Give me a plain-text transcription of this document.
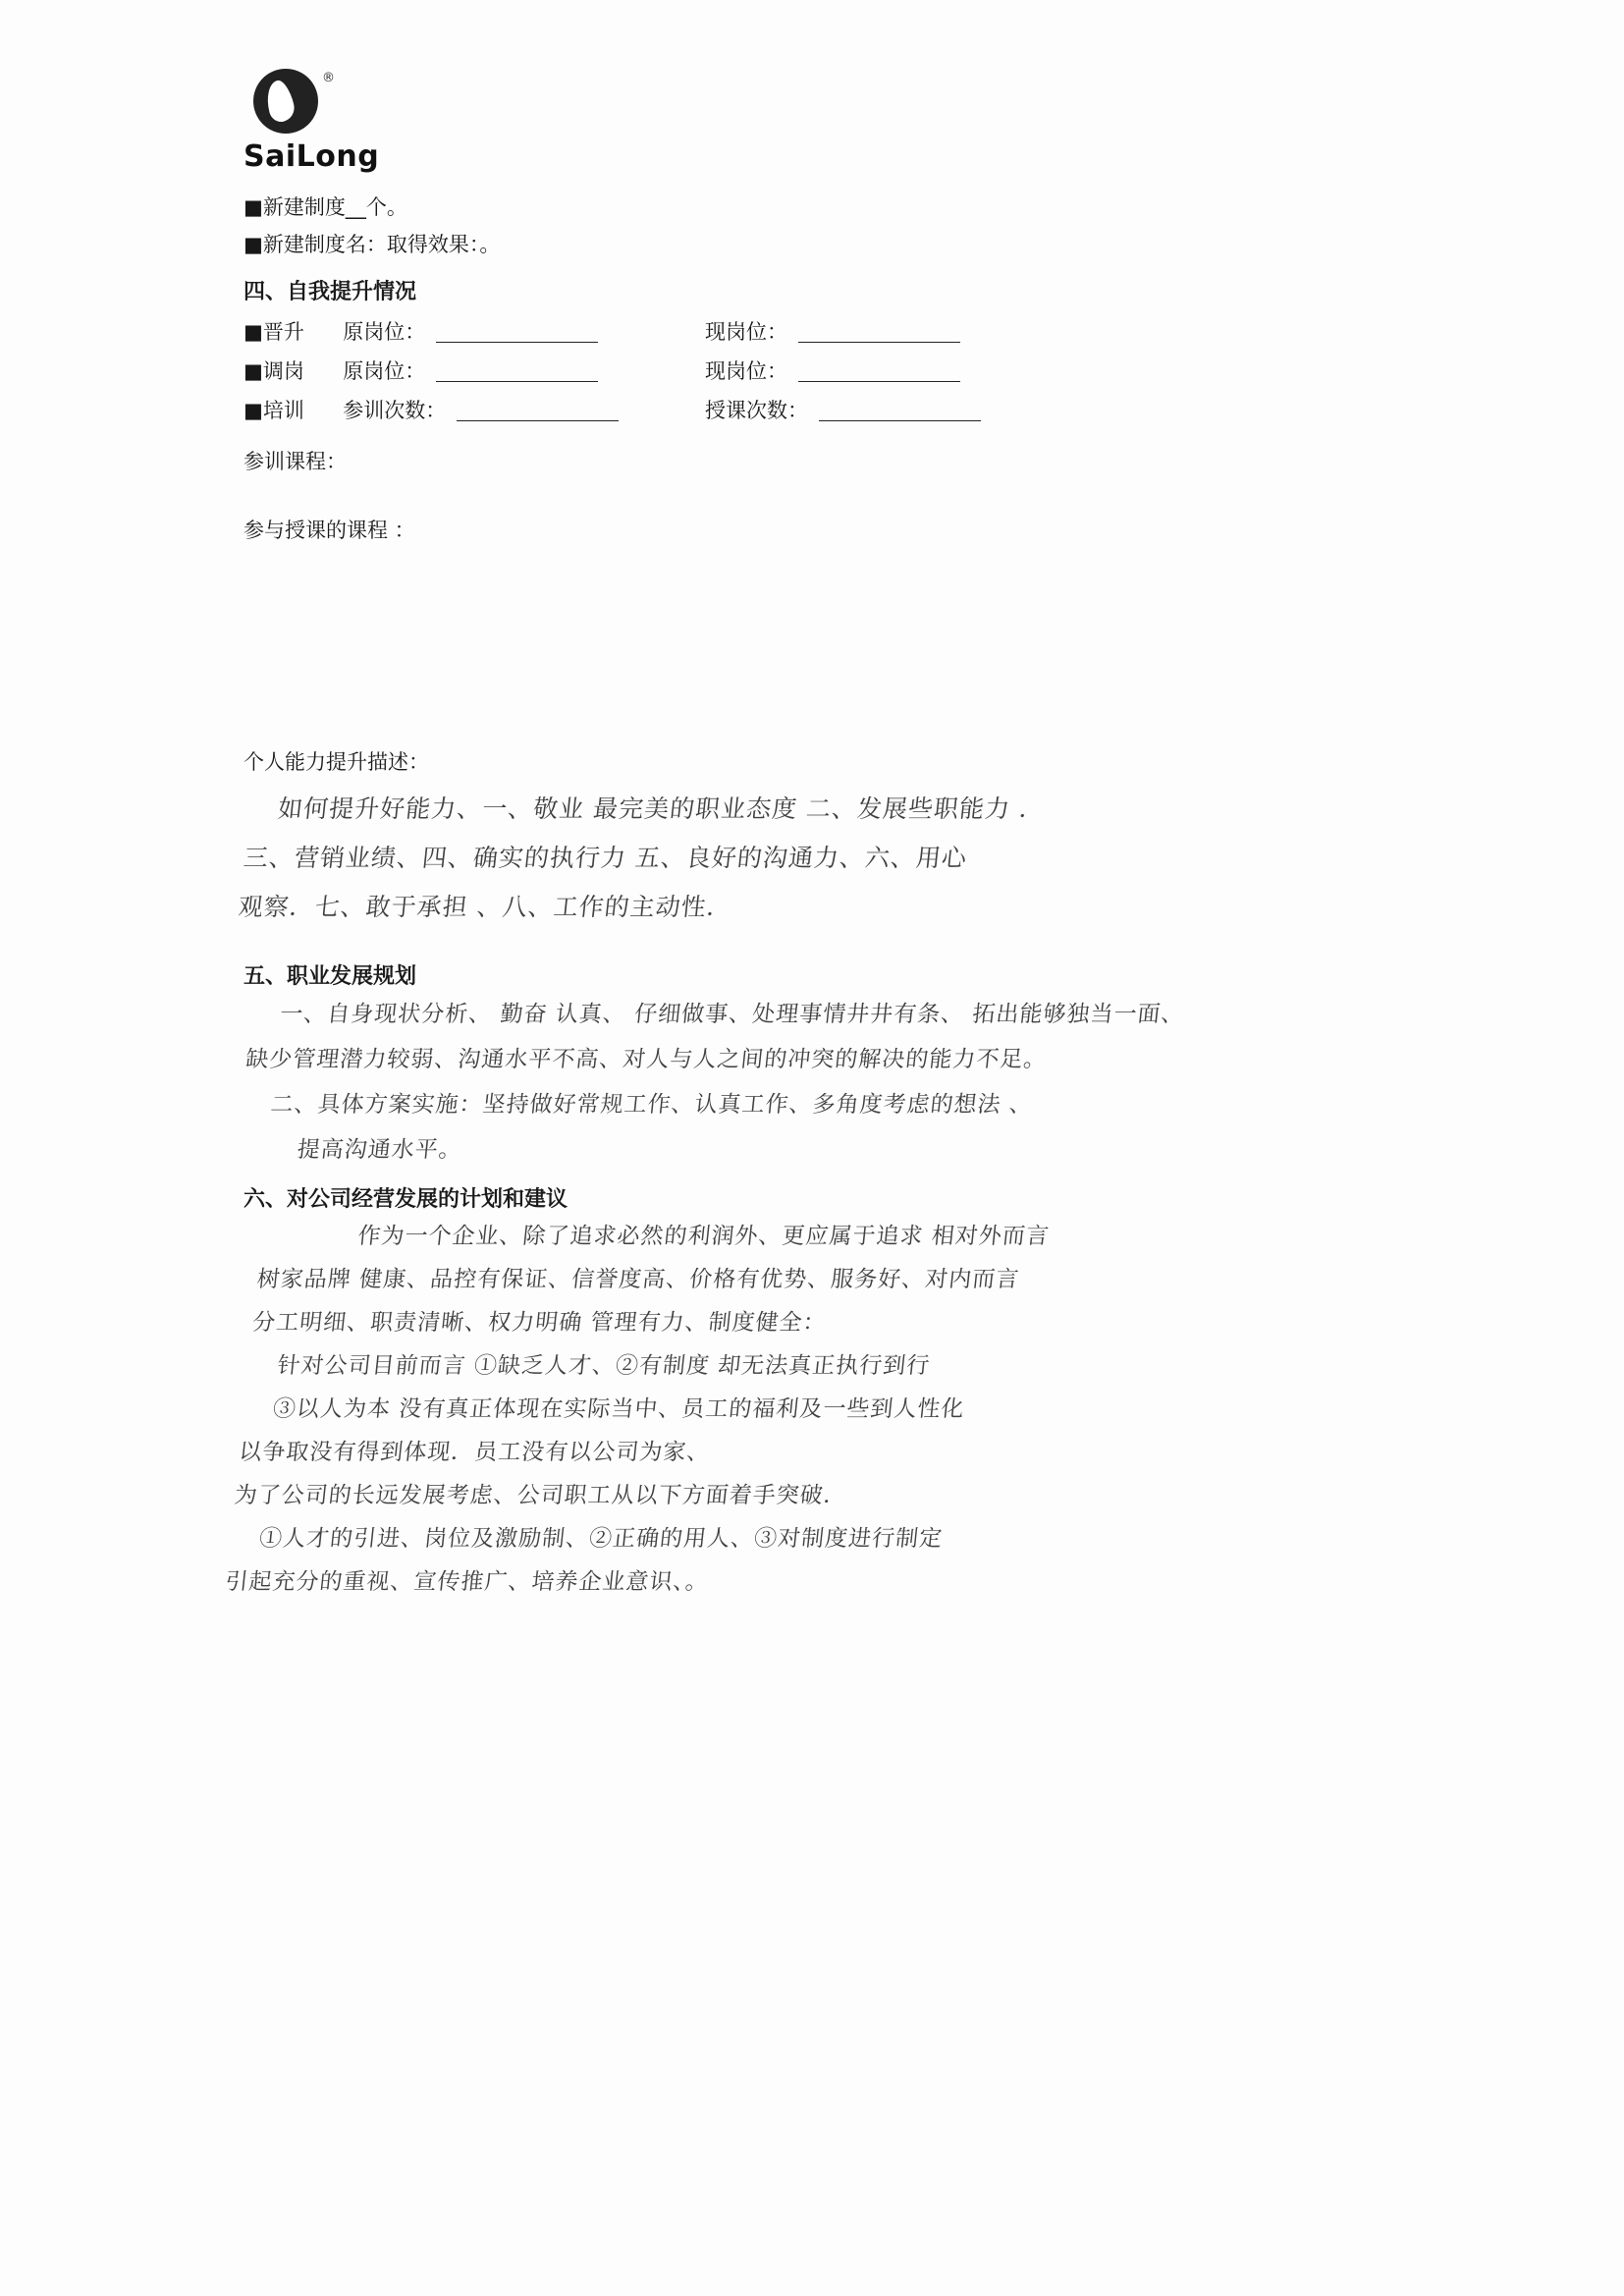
®
SaiLong
■新建制度__个。
■新建制度名：取得效果：。
四、自我提升情况
■晋升 原岗位：	现岗位：
■调岗 原岗位：	现岗位：
■培训 参训次数：	授课次数：
参训课程：
参与授课的课程 ：
个人能力提升描述：
如何提升好能力、一、敬业 最完美的职业态度 二、发展些职能力 ．
三、营销业绩、四、确实的执行力 五、良好的沟通力、六、用心
观察．七、敢于承担 、八、工作的主动性．
五、职业发展规划
一、自身现状分析、 勤奋 认真、 仔细做事、处理事情井井有条、 拓出能够独当一面、
缺少管理潜力较弱、沟通水平不高、对人与人之间的冲突的解决的能力不足。
二、具体方案实施：坚持做好常规工作、认真工作、多角度考虑的想法 、
提高沟通水平。
六、对公司经营发展的计划和建议
作为一个企业、除了追求必然的利润外、更应属于追求 相对外而言
树家品牌 健康、品控有保证、信誉度高、价格有优势、服务好、对内而言
分工明细、职责清晰、权力明确 管理有力、制度健全：
针对公司目前而言 ①缺乏人才、②有制度 却无法真正执行到行
③以人为本 没有真正体现在实际当中、员工的福利及一些到人性化
以争取没有得到体现．员工没有以公司为家、
为了公司的长远发展考虑、公司职工从以下方面着手突破．
①人才的引进、岗位及激励制、②正确的用人、③对制度进行制定
引起充分的重视、宣传推广、培养企业意识、。
